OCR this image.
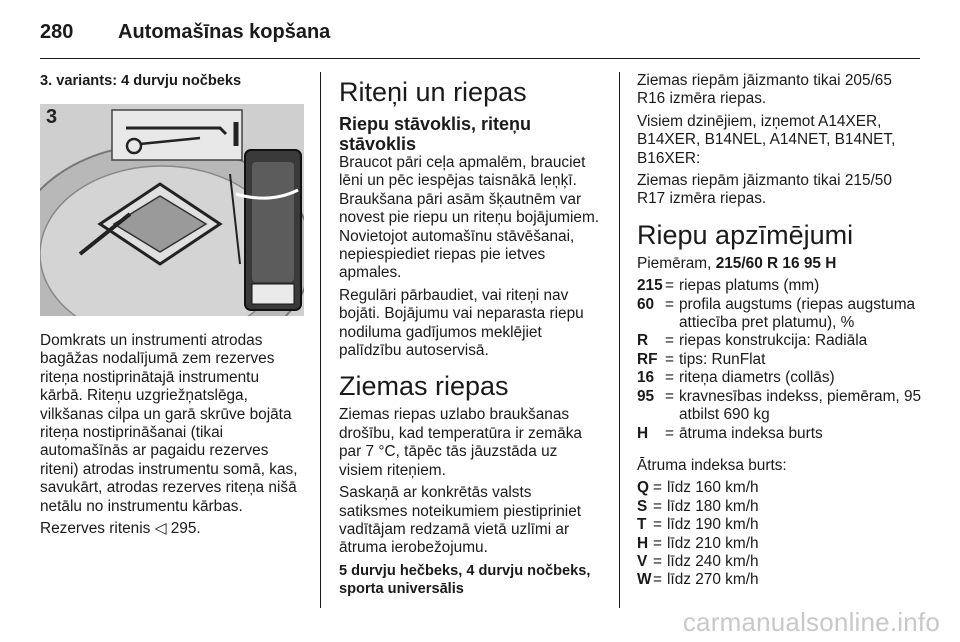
280	Automašīnas kopšana
3. variants: 4 durvju nočbeks
3

Domkrats un instrumenti atrodas bagāžas nodalījumā zem rezerves riteņa nostiprinātajā instrumentu kārbā. Riteņu uzgriežņatslēga, vilkšanas cilpa un garā skrūve bojāta riteņa nostiprināšanai (tikai automašīnās ar pagaidu rezerves riteni) atrodas instrumentu somā, kas, savukārt, atrodas rezerves riteņa nišā netālu no instrumentu kārbas.

Rezerves ritenis ◁ 295.

Riteņi un riepas
Riepu stāvoklis, riteņu stāvoklis

Braucot pāri ceļa apmalēm, brauciet lēni un pēc iespējas taisnākā leņķī. Braukšana pāri asām šķautnēm var novest pie riepu un riteņu bojājumiem. Novietojot automašīnu stāvēšanai, nepiespiediet riepas pie ietves apmales.

Regulāri pārbaudiet, vai riteņi nav bojāti. Bojājumu vai neparasta riepu nodiluma gadījumos meklējiet palīdzību autoservisā.

Ziemas riepas

Ziemas riepas uzlabo braukšanas drošību, kad temperatūra ir zemāka par 7 °C, tāpēc tās jāuzstāda uz visiem riteņiem.

Saskaņā ar konkrētās valsts satiksmes noteikumiem piestipriniet vadītājam redzamā vietā uzlīmi ar ātruma ierobežojumu.

5 durvju hečbeks, 4 durvju nočbeks, sporta universālis

Ziemas riepām jāizmanto tikai 205/65 R16 izmēra riepas.

Visiem dzinējiem, izņemot A14XER, B14XER, B14NEL, A14NET, B14NET, B16XER:

Ziemas riepām jāizmanto tikai 215/50 R17 izmēra riepas.

Riepu apzīmējumi

Piemēram, 215/60 R 16 95 H

215 = riepas platums (mm)
60 = profila augstums (riepas augstuma attiecība pret platumu), %
R	= riepas konstrukcija: Radiāla
RF = tips: RunFlat
16 = riteņa diametrs (collās)
95 = kravnesības indekss, piemēram, 95 atbilst 690 kg
H	= ātruma indeksa burts

Ātruma indeksa burts:

Q = līdz 160 km/h
S = līdz 180 km/h
T = līdz 190 km/h
H = līdz 210 km/h
V = līdz 240 km/h
W = līdz 270 km/h
carmanualsonline.info
